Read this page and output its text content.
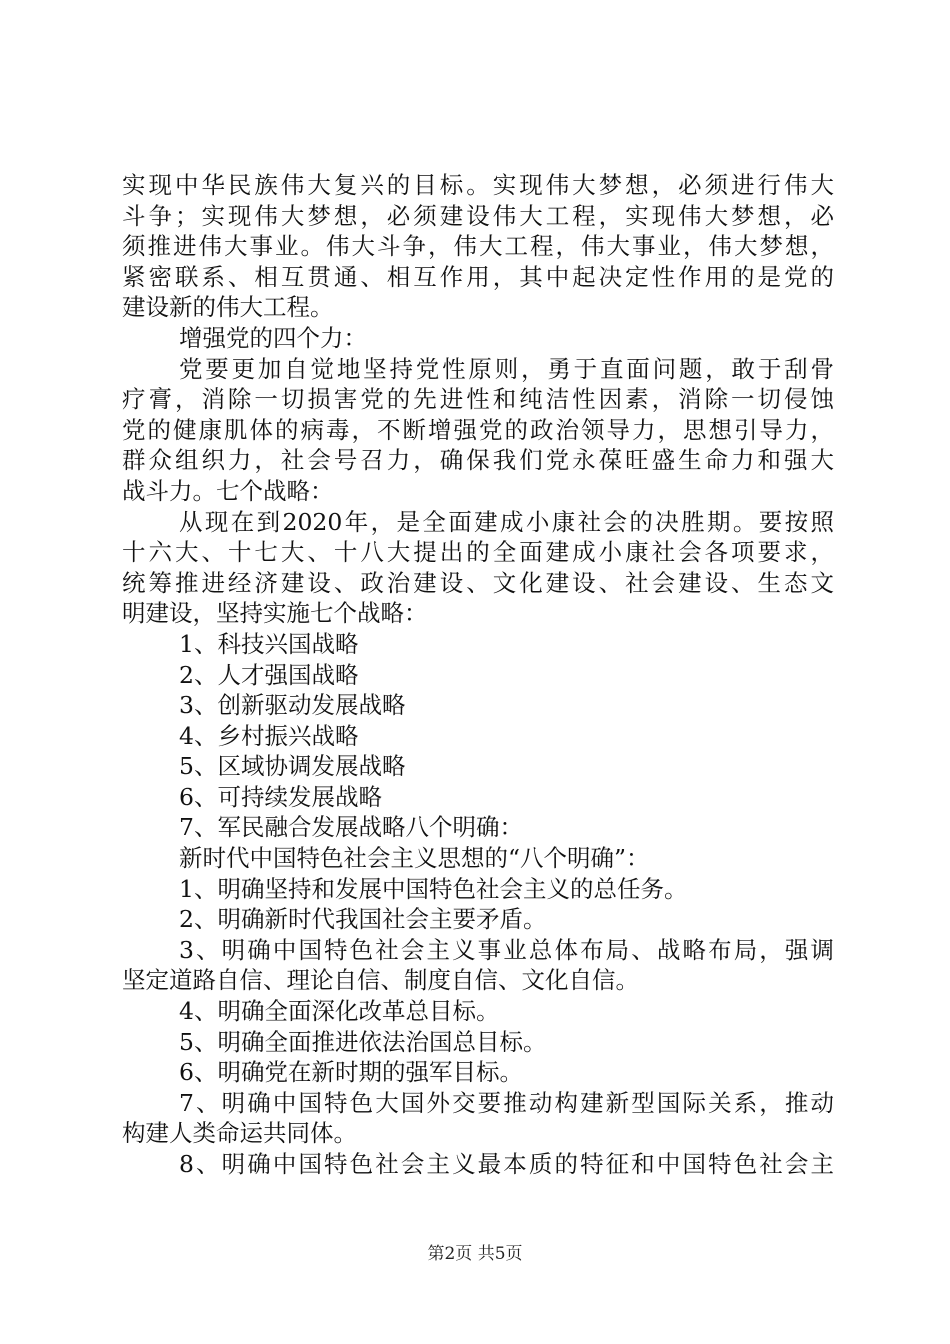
实现中华民族伟大复兴的目标。实现伟大梦想，必须进行伟大
斗争；实现伟大梦想，必须建设伟大工程，实现伟大梦想，必
须推进伟大事业。伟大斗争，伟大工程，伟大事业，伟大梦想，
紧密联系、相互贯通、相互作用，其中起决定性作用的是党的
建设新的伟大工程。
增强党的四个力：
党要更加自觉地坚持党性原则，勇于直面问题，敢于刮骨
疗膏，消除一切损害党的先进性和纯洁性因素，消除一切侵蚀
党的健康肌体的病毒，不断增强党的政治领导力，思想引导力，
群众组织力，社会号召力，确保我们党永葆旺盛生命力和强大
战斗力。七个战略：
从现在到2020年，是全面建成小康社会的决胜期。要按照
十六大、十七大、十八大提出的全面建成小康社会各项要求，
统筹推进经济建设、政治建设、文化建设、社会建设、生态文
明建设，坚持实施七个战略：
1、科技兴国战略
2、人才强国战略
3、创新驱动发展战略
4、乡村振兴战略
5、区域协调发展战略
6、可持续发展战略
7、军民融合发展战略八个明确：
新时代中国特色社会主义思想的“八个明确”：
1、明确坚持和发展中国特色社会主义的总任务。
2、明确新时代我国社会主要矛盾。
3、明确中国特色社会主义事业总体布局、战略布局，强调
坚定道路自信、理论自信、制度自信、文化自信。
4、明确全面深化改革总目标。
5、明确全面推进依法治国总目标。
6、明确党在新时期的强军目标。
7、明确中国特色大国外交要推动构建新型国际关系，推动
构建人类命运共同体。
8、明确中国特色社会主义最本质的特征和中国特色社会主
第2页 共5页
